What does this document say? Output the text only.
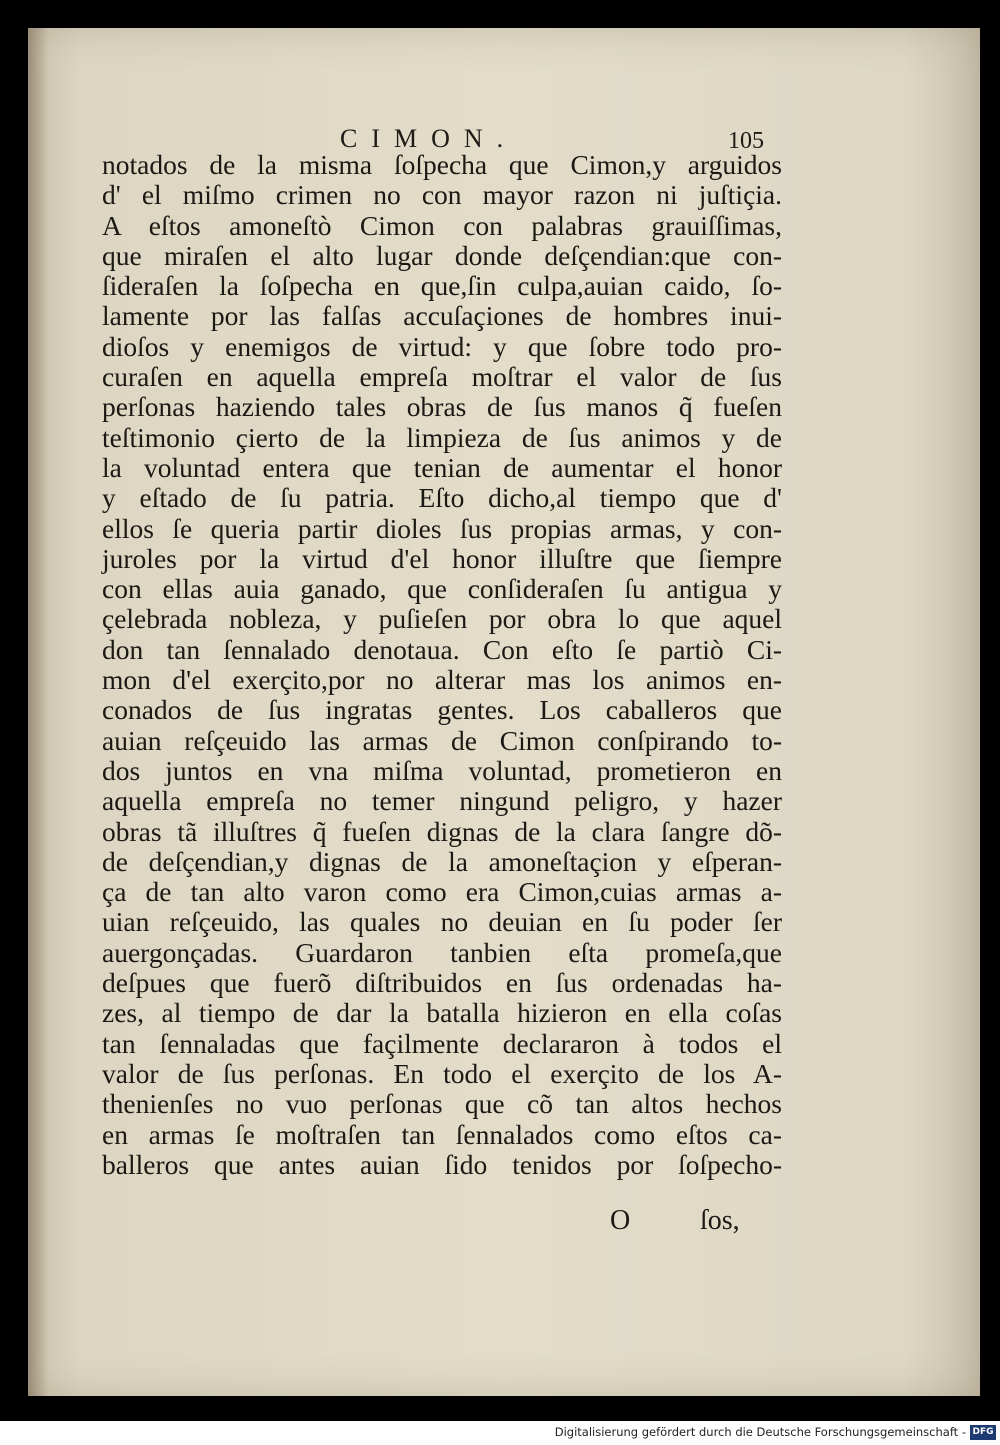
CIMON.	105
notados de la misma ſoſpecha que Cimon,y arguidos
d' el miſmo crimen no con mayor razon ni juſtiçia.
A eſtos amoneſtò Cimon con palabras grauiſſimas,
que miraſen el alto lugar donde deſçendian:que con-
ſideraſen la ſoſpecha en que,ſin culpa,auian caido, ſo-
lamente por las falſas accuſaçiones de hombres inui-
dioſos y enemigos de virtud: y que ſobre todo pro-
curaſen en aquella empreſa moſtrar el valor de ſus
perſonas haziendo tales obras de ſus manos q̃ fueſen
teſtimonio çierto de la limpieza de ſus animos y de
la voluntad entera que tenian de aumentar el honor
y eſtado de ſu patria. Eſto dicho,al tiempo que d'
ellos ſe queria partir dioles ſus propias armas, y con-
juroles por la virtud d'el honor illuſtre que ſiempre
con ellas auia ganado, que conſideraſen ſu antigua y
çelebrada nobleza, y puſieſen por obra lo que aquel
don tan ſennalado denotaua. Con eſto ſe partiò Ci-
mon d'el exerçito,por no alterar mas los animos en-
conados de ſus ingratas gentes. Los caballeros que
auian reſçeuido las armas de Cimon conſpirando to-
dos juntos en vna miſma voluntad, prometieron en
aquella empreſa no temer ningund peligro, y hazer
obras tã illuſtres q̃ fueſen dignas de la clara ſangre dõ-
de deſçendian,y dignas de la amoneſtaçion y eſperan-
ça de tan alto varon como era Cimon,cuias armas a-
uian reſçeuido, las quales no deuian en ſu poder ſer
auergonçadas. Guardaron tanbien eſta promeſa,que
deſpues que fuerõ diſtribuidos en ſus ordenadas ha-
zes, al tiempo de dar la batalla hizieron en ella coſas
tan ſennaladas que façilmente declararon à todos el
valor de ſus perſonas. En todo el exerçito de los A-
thenienſes no vuo perſonas que cõ tan altos hechos
en armas ſe moſtraſen tan ſennalados como eſtos ca-
balleros que antes auian ſido tenidos por ſoſpecho-
O ſos,
Digitalisierung gefördert durch die Deutsche Forschungsgemeinschaft - DFG
